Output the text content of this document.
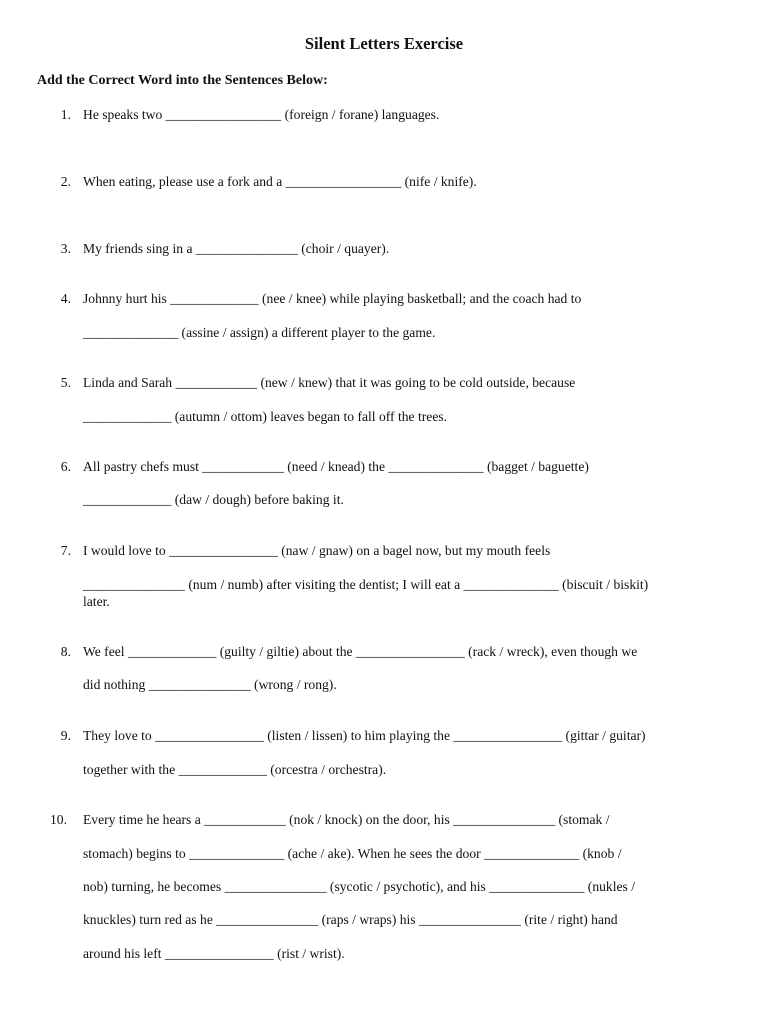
Silent Letters Exercise
Add the Correct Word into the Sentences Below:
1. He speaks two _________________ (foreign / forane) languages.
2. When eating, please use a fork and a _________________ (nife / knife).
3. My friends sing in a _______________ (choir / quayer).
4. Johnny hurt his _____________ (nee / knee) while playing basketball; and the coach had to
______________ (assine / assign) a different player to the game.
5. Linda and Sarah ____________ (new / knew) that it was going to be cold outside, because
_____________ (autumn / ottom) leaves began to fall off the trees.
6. All pastry chefs must ____________ (need / knead) the ______________ (bagget / baguette)
_____________ (daw / dough) before baking it.
7. I would love to ________________ (naw / gnaw) on a bagel now, but my mouth feels
_______________ (num / numb) after visiting the dentist; I will eat a ______________ (biscuit / biskit)
later.
8. We feel _____________ (guilty / giltie) about the ________________ (rack / wreck), even though we
did nothing _______________ (wrong / rong).
9. They love to ________________ (listen / lissen) to him playing the ________________ (gittar / guitar)
together with the _____________ (orcestra / orchestra).
10.	Every time he hears a ____________ (nok / knock) on the door, his _______________ (stomak /
stomach) begins to ______________ (ache / ake). When he sees the door ______________ (knob /
nob) turning, he becomes _______________ (sycotic / psychotic), and his ______________ (nukles /
knuckles) turn red as he _______________ (raps / wraps) his _______________ (rite / right) hand
around his left ________________ (rist / wrist).
